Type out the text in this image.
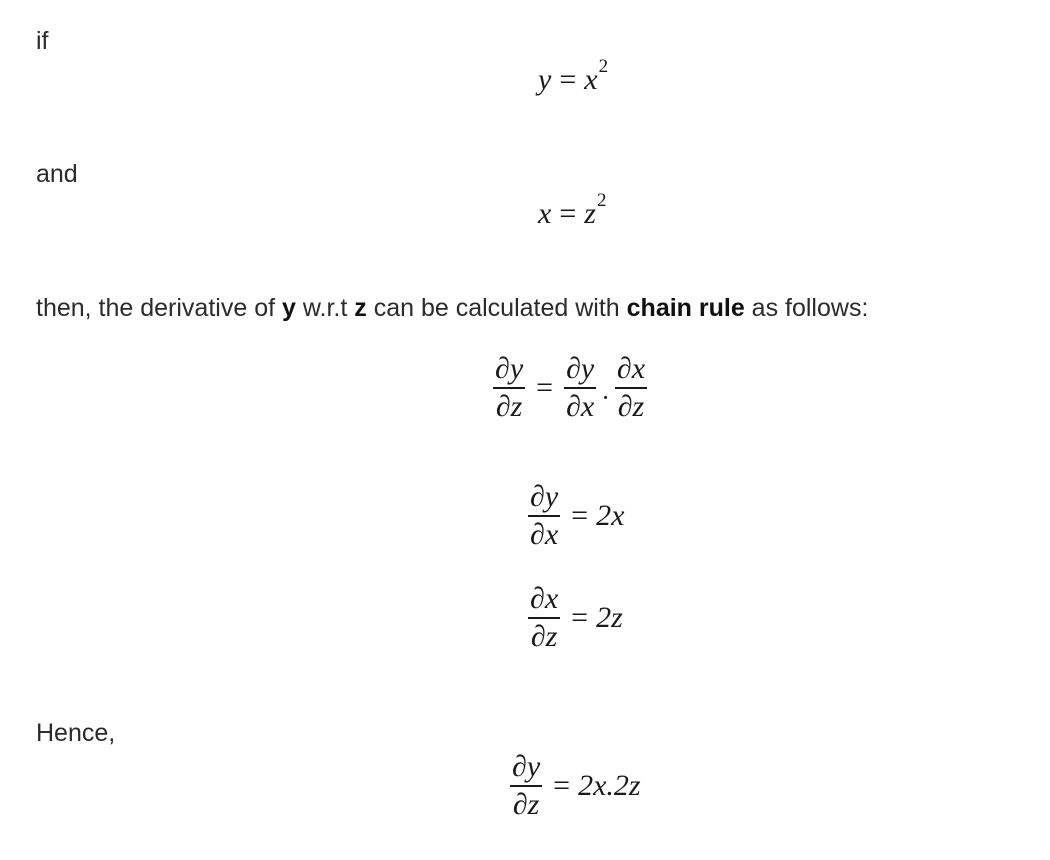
if
y = x 2
and
x = z 2
then, the derivative of y w.r.t z can be calculated with chain rule as follows:
$\frac{\partial y}{\partial z} = \frac{\partial y}{\partial x} \cdot \frac{\partial x}{\partial z}$
$\frac{\partial y}{\partial x} = 2x$
$\frac{\partial x}{\partial z} = 2z$
Hence,
$\frac{\partial y}{\partial z} = 2x.2z$
